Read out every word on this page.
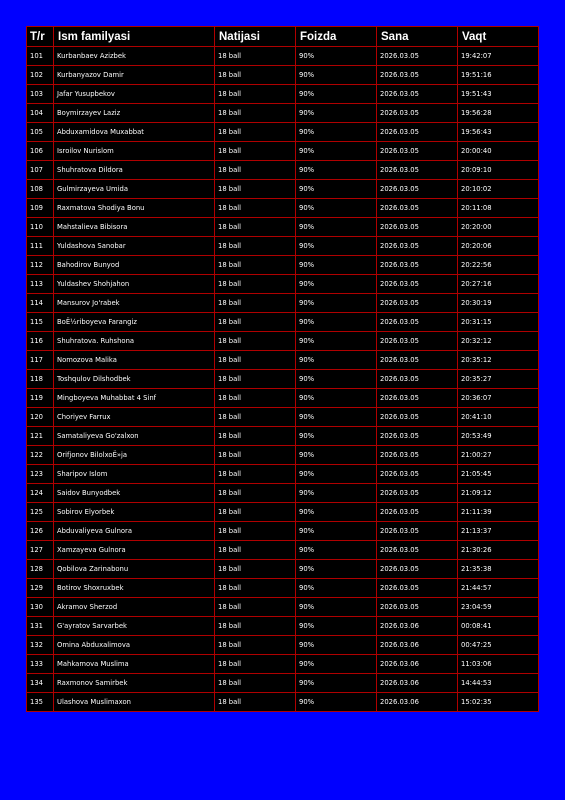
T/r	Ism familyasi	Natijasi	Foizda	Sana	Vaqt
101	Kurbanbaev Azizbek	18 ball	90%	2026.03.05	19:42:07
102	Kurbanyazov Damir	18 ball	90%	2026.03.05	19:51:16
103	Jafar Yusupbekov	18 ball	90%	2026.03.05	19:51:43
104	Boymirzayev Laziz	18 ball	90%	2026.03.05	19:56:28
105	Abduxamidova Muxabbat	18 ball	90%	2026.03.05	19:56:43
106	Isroilov Nurislom	18 ball	90%	2026.03.05	20:00:40
107	Shuhratova Dildora	18 ball	90%	2026.03.05	20:09:10
108	Gulmirzayeva Umida	18 ball	90%	2026.03.05	20:10:02
109	Raxmatova Shodiya Bonu	18 ball	90%	2026.03.05	20:11:08
110	Mahstalieva Bibisora	18 ball	90%	2026.03.05	20:20:00
111	Yuldashova Sanobar	18 ball	90%	2026.03.05	20:20:06
112	Bahodirov Bunyod	18 ball	90%	2026.03.05	20:22:56
113	Yuldashev Shohjahon	18 ball	90%	2026.03.05	20:27:16
114	Mansurov Jo'rabek	18 ball	90%	2026.03.05	20:30:19
115	BoЁ½riboyeva Farangiz	18 ball	90%	2026.03.05	20:31:15
116	Shuhratova. Ruhshona	18 ball	90%	2026.03.05	20:32:12
117	Nomozova Malika	18 ball	90%	2026.03.05	20:35:12
118	Toshqulov Dilshodbek	18 ball	90%	2026.03.05	20:35:27
119	Mingboyeva Muhabbat 4 Sinf	18 ball	90%	2026.03.05	20:36:07
120	Choriyev Farrux	18 ball	90%	2026.03.05	20:41:10
121	Samataliyeva Go'zalxon	18 ball	90%	2026.03.05	20:53:49
122	Orifjonov BilolxoЁ»ja	18 ball	90%	2026.03.05	21:00:27
123	Sharipov Islom	18 ball	90%	2026.03.05	21:05:45
124	Saidov Bunyodbek	18 ball	90%	2026.03.05	21:09:12
125	Sobirov Elyorbek	18 ball	90%	2026.03.05	21:11:39
126	Abduvaliyeva Gulnora	18 ball	90%	2026.03.05	21:13:37
127	Xamzayeva Gulnora	18 ball	90%	2026.03.05	21:30:26
128	Qobilova Zarinabonu	18 ball	90%	2026.03.05	21:35:38
129	Botirov Shoxruxbek	18 ball	90%	2026.03.05	21:44:57
130	Akramov Sherzod	18 ball	90%	2026.03.05	23:04:59
131	G'ayratov Sarvarbek	18 ball	90%	2026.03.06	00:08:41
132	Omina Abduxalimova	18 ball	90%	2026.03.06	00:47:25
133	Mahkamova Muslima	18 ball	90%	2026.03.06	11:03:06
134	Raxmonov Samirbek	18 ball	90%	2026.03.06	14:44:53
135	Ulashova Muslimaxon	18 ball	90%	2026.03.06	15:02:35
